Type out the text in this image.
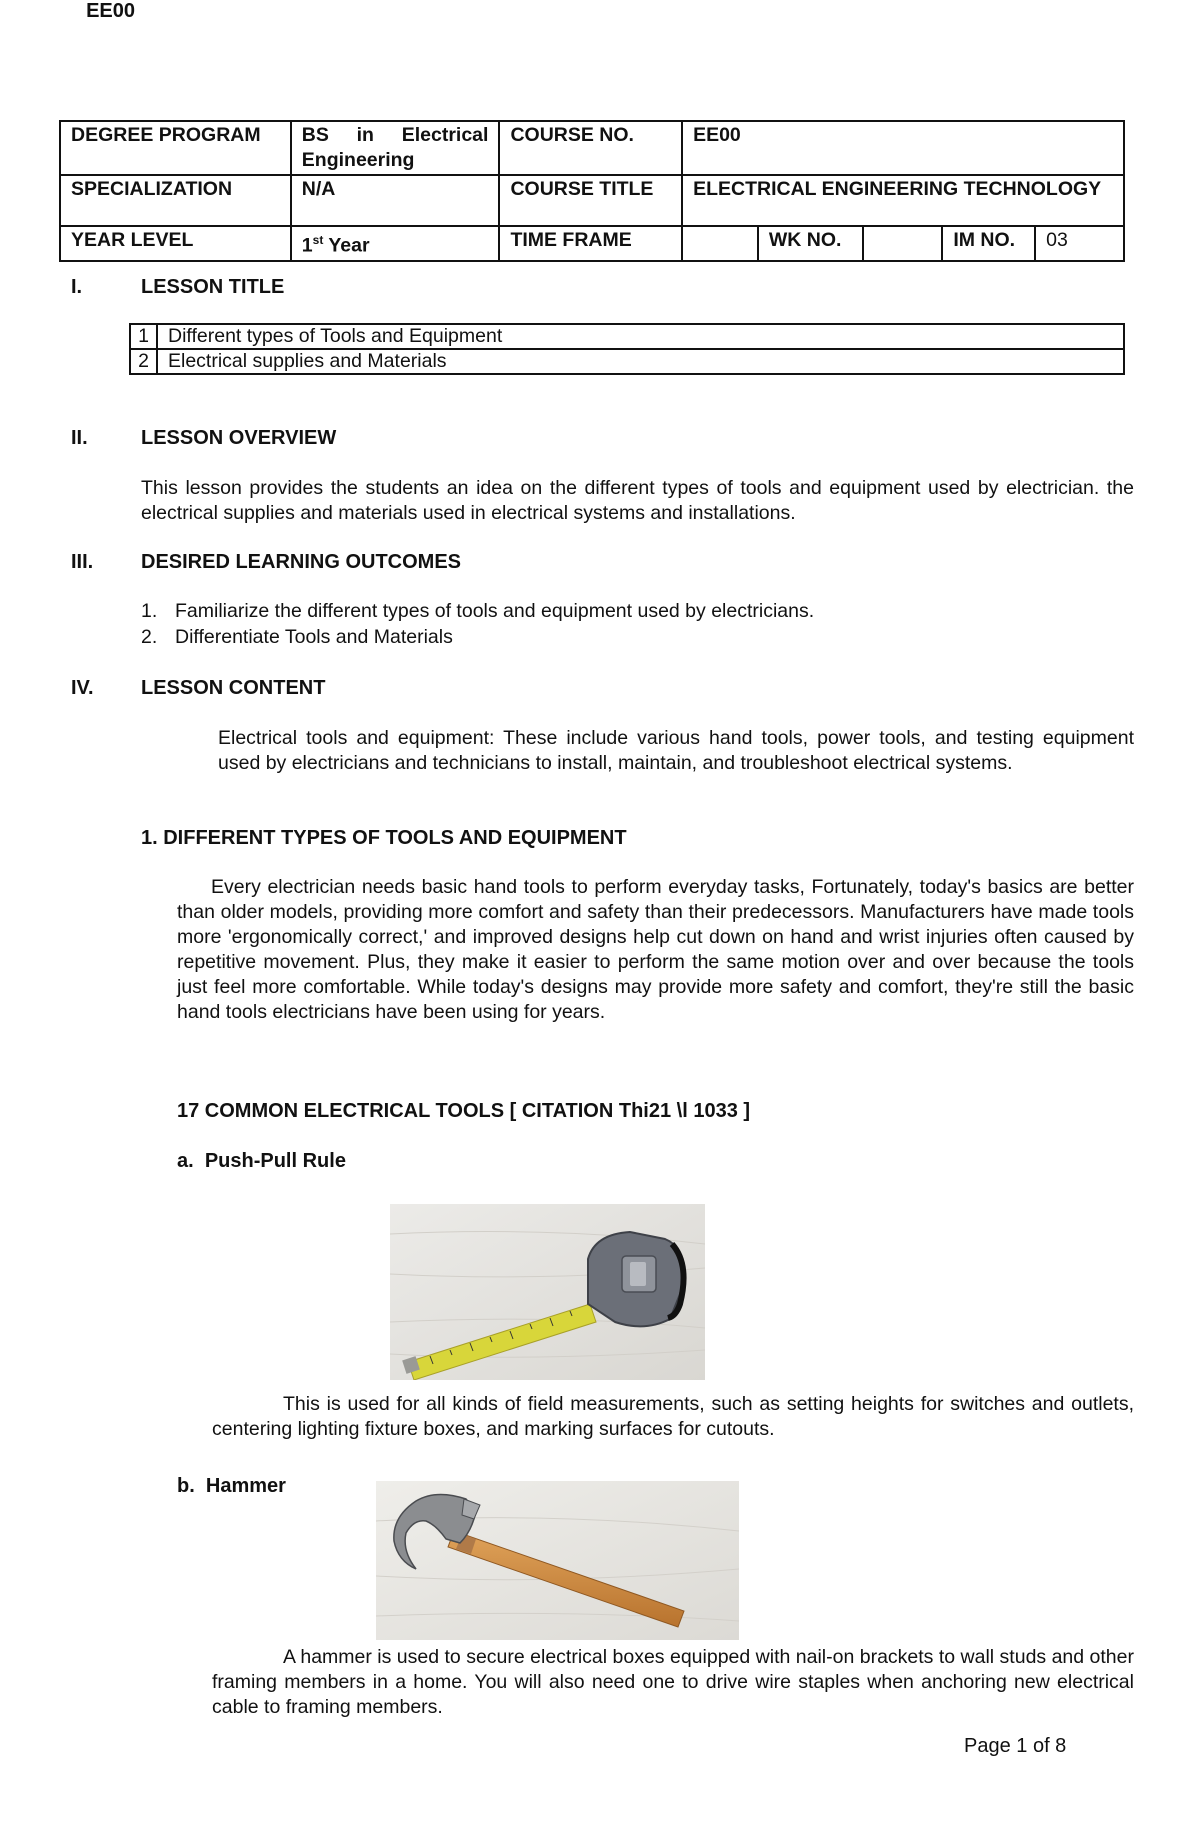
EE00
DEGREE PROGRAM	BS in Electrical Engineering	COURSE NO.	EE00				
SPECIALIZATION	N/A	COURSE TITLE	ELECTRICAL ENGINEERING TECHNOLOGY				
YEAR LEVEL	1st Year	TIME FRAME		WK NO.		IM NO.	03
I.	LESSON TITLE
1	Different types of Tools and Equipment
2	Electrical supplies and Materials
II.	LESSON OVERVIEW
This lesson provides the students an idea on the different types of tools and equipment used by electrician. the electrical supplies and materials used in electrical systems and installations.
III. DESIRED LEARNING OUTCOMES
1. Familiarize the different types of tools and equipment used by electricians.
2. Differentiate Tools and Materials
IV. LESSON CONTENT
Electrical tools and equipment: These include various hand tools, power tools, and testing equipment used by electricians and technicians to install, maintain, and troubleshoot electrical systems.
1. DIFFERENT TYPES OF TOOLS AND EQUIPMENT
Every electrician needs basic hand tools to perform everyday tasks, Fortunately, today's basics are better than older models, providing more comfort and safety than their predecessors. Manufacturers have made tools more 'ergonomically correct,' and improved designs help cut down on hand and wrist injuries often caused by repetitive movement. Plus, they make it easier to perform the same motion over and over because the tools just feel more comfortable. While today's designs may provide more safety and comfort, they're still the basic hand tools electricians have been using for years.
17 COMMON ELECTRICAL TOOLS [ CITATION Thi21 \l 1033 ]
a. Push-Pull Rule
This is used for all kinds of field measurements, such as setting heights for switches and outlets, centering lighting fixture boxes, and marking surfaces for cutouts.
b. Hammer
A hammer is used to secure electrical boxes equipped with nail-on brackets to wall studs and other framing members in a home. You will also need one to drive wire staples when anchoring new electrical cable to framing members.
Page 1 of 8
